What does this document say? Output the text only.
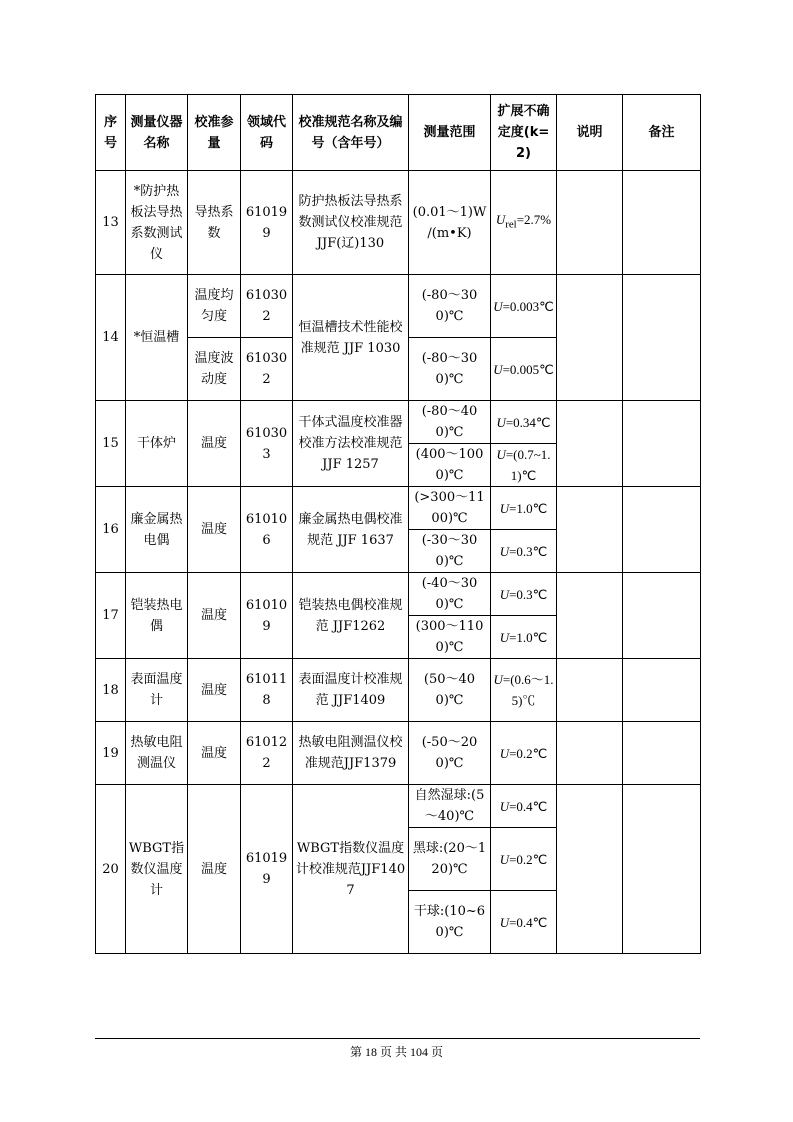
序号	测量仪器名称	校准参量	领域代码	校准规范名称及编号（含年号）	测量范围	扩展不确定度(k=2)	说明	备注
13	*防护热板法导热系数测试仪	导热系数	610199	防护热板法导热系数测试仪校准规范 JJF(辽)130	(0.01～1)W /(m•K)	$U_{rel}=2.7\%$		
14	*恒温槽	温度均匀度	610302	恒温槽技术性能校准规范 JJF 1030	(-80～300)℃	U=0.003℃		
		温度波动度	610302		(-80～300)℃	U=0.005℃		
15	干体炉	温度	610303	干体式温度校准器校准方法校准规范 JJF 1257	(-80～400)℃	U=0.34℃		
					(400～1000)℃	U=(0.7~1.1)℃		
16	廉金属热电偶	温度	610106	廉金属热电偶校准规范 JJF 1637	(>300～1100)℃	U=1.0℃		
					(-30～300)℃	U=0.3℃		
17	铠装热电偶	温度	610109	铠装热电偶校准规范 JJF1262	(-40～300)℃	U=0.3℃		
					(300～1100)℃	U=1.0℃		
18	表面温度计	温度	610118	表面温度计校准规范 JJF1409	(50～400)℃	U=(0.6～1.5)℃		
19	热敏电阻测温仪	温度	610122	热敏电阻测温仪校准规范JJF1379	(-50～200)℃	U=0.2℃		
20	WBGT指数仪温度计	温度	610199	WBGT指数仪温度计校准规范JJF1407	自然湿球:(5～40)℃	U=0.4℃		
					黑球:(20～120)℃	U=0.2℃		
					干球:(10~60)℃	U=0.4℃		
第 18 页 共 104 页
